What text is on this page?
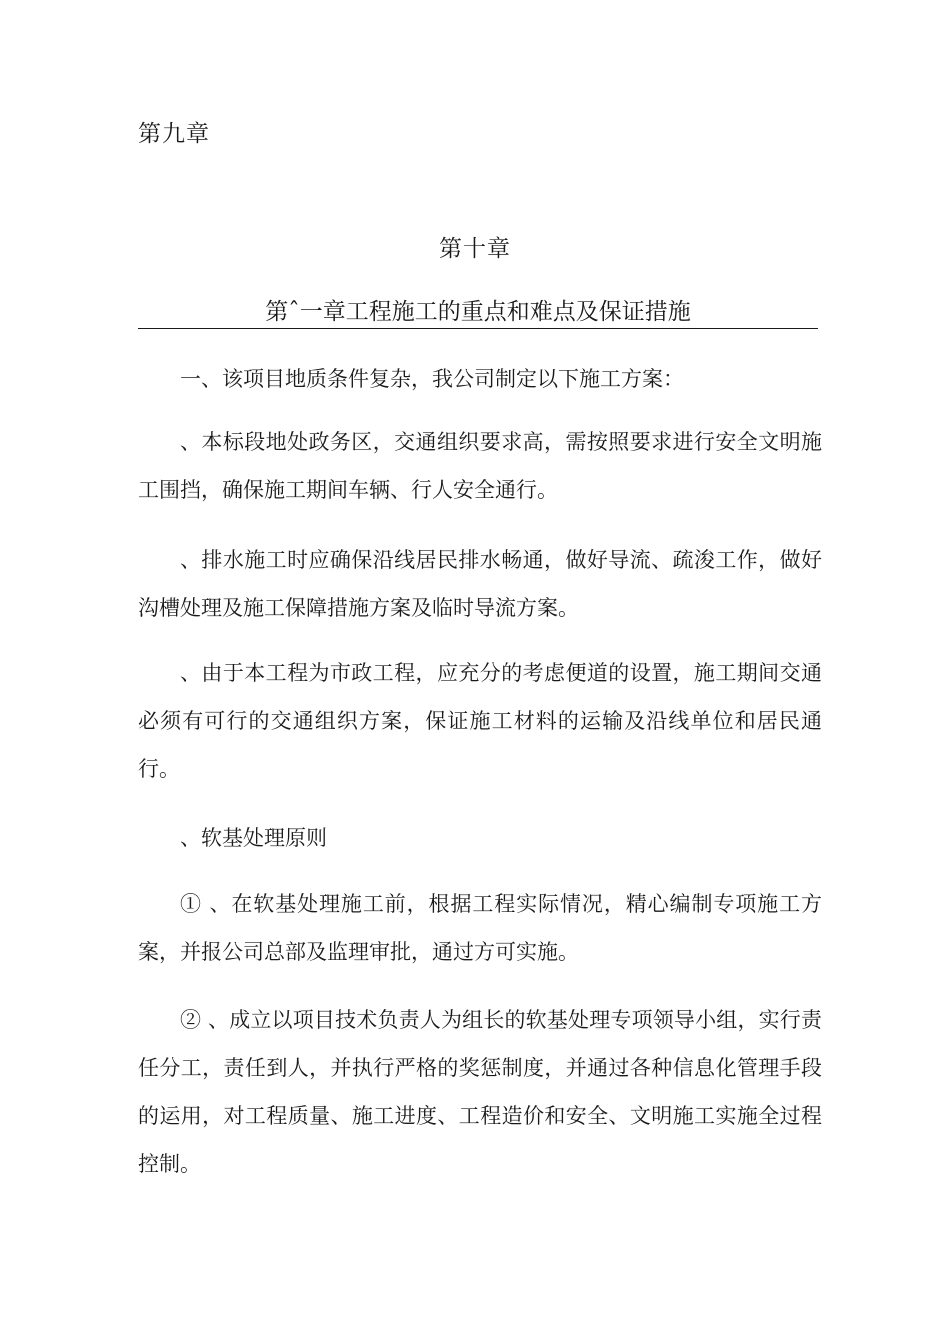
第九章
第十章
第ˆ一章工程施工的重点和难点及保证措施

一、该项目地质条件复杂，我公司制定以下施工方案：

、本标段地处政务区，交通组织要求高，需按照要求进行安全文明施工围挡，确保施工期间车辆、行人安全通行。

、排水施工时应确保沿线居民排水畅通，做好导流、疏浚工作，做好沟槽处理及施工保障措施方案及临时导流方案。

、由于本工程为市政工程，应充分的考虑便道的设置，施工期间交通必须有可行的交通组织方案，保证施工材料的运输及沿线单位和居民通行。

、软基处理原则

① 、在软基处理施工前，根据工程实际情况，精心编制专项施工方案，并报公司总部及监理审批，通过方可实施。

② 、成立以项目技术负责人为组长的软基处理专项领导小组，实行责任分工，责任到人，并执行严格的奖惩制度，并通过各种信息化管理手段的运用，对工程质量、施工进度、工程造价和安全、文明施工实施全过程控制。
